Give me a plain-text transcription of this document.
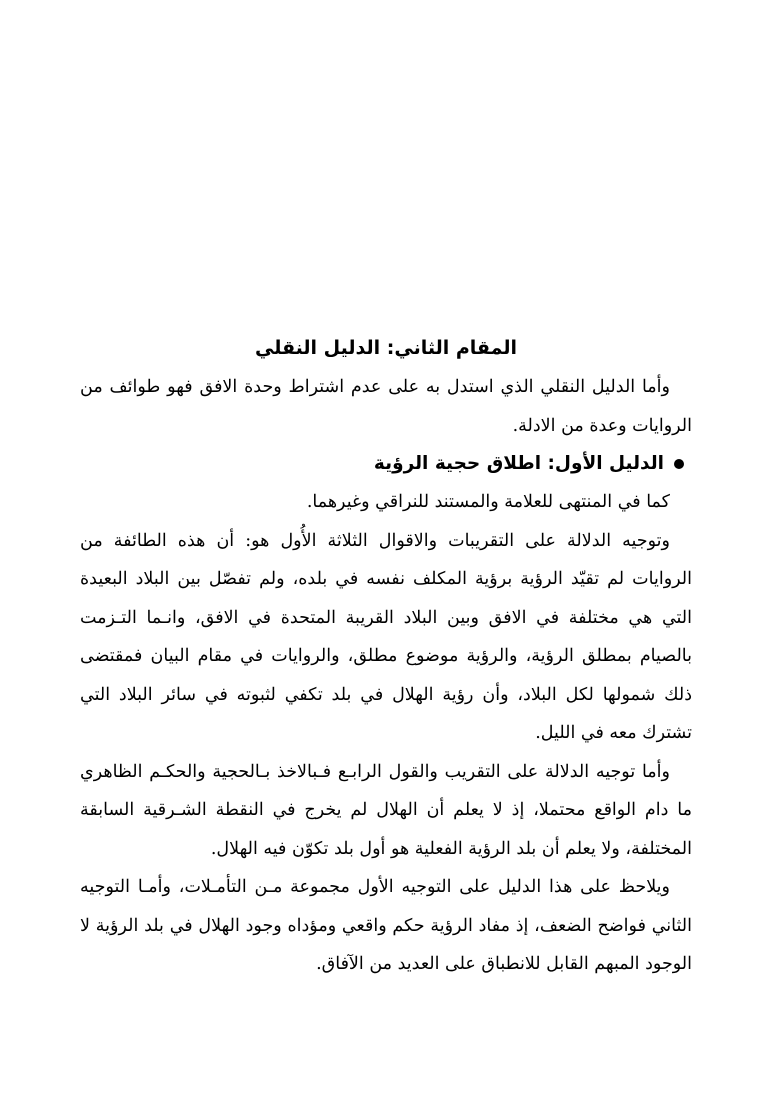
المقام الثاني: الدليل النقلي

وأما الدليل النقلي الذي استدل به على عدم اشتراط وحدة الافق فهو طوائف من الروايات وعدة من الادلة.

الدليل الأول: اطلاق حجية الرؤية

كما في المنتهى للعلامة والمستند للنراقي وغيرهما.

وتوجيه الدلالة على التقريبات والاقوال الثلاثة الأُول هو: أن هذه الطائفة من الروايات لم تقيّد الرؤية برؤية المكلف نفسه في بلده، ولم تفصّل بين البلاد البعيدة التي هي مختلفة في الافق وبين البلاد القريبة المتحدة في الافق، وانـما التـزمت بالصيام بمطلق الرؤية، والرؤية موضوع مطلق، والروايات في مقام البيان فمقتضى ذلك شمولها لكل البلاد، وأن رؤية الهلال في بلد تكفي لثبوته في سائر البلاد التي تشترك معه في الليل.

وأما توجيه الدلالة على التقريب والقول الرابـع فـبالاخذ بـالحجية والحكـم الظاهري ما دام الواقع محتملا، إذ لا يعلم أن الهلال لم يخرج في النقطة الشـرقية السابقة المختلفة، ولا يعلم أن بلد الرؤية الفعلية هو أول بلد تكوّن فيه الهلال.

ويلاحظ على هذا الدليل على التوجيه الأول مجموعة مـن التأمـلات، وأمـا التوجيه الثاني فواضح الضعف، إذ مفاد الرؤية حكم واقعي ومؤداه وجود الهلال في بلد الرؤية لا الوجود المبهم القابل للانطباق على العديد من الآفاق.
